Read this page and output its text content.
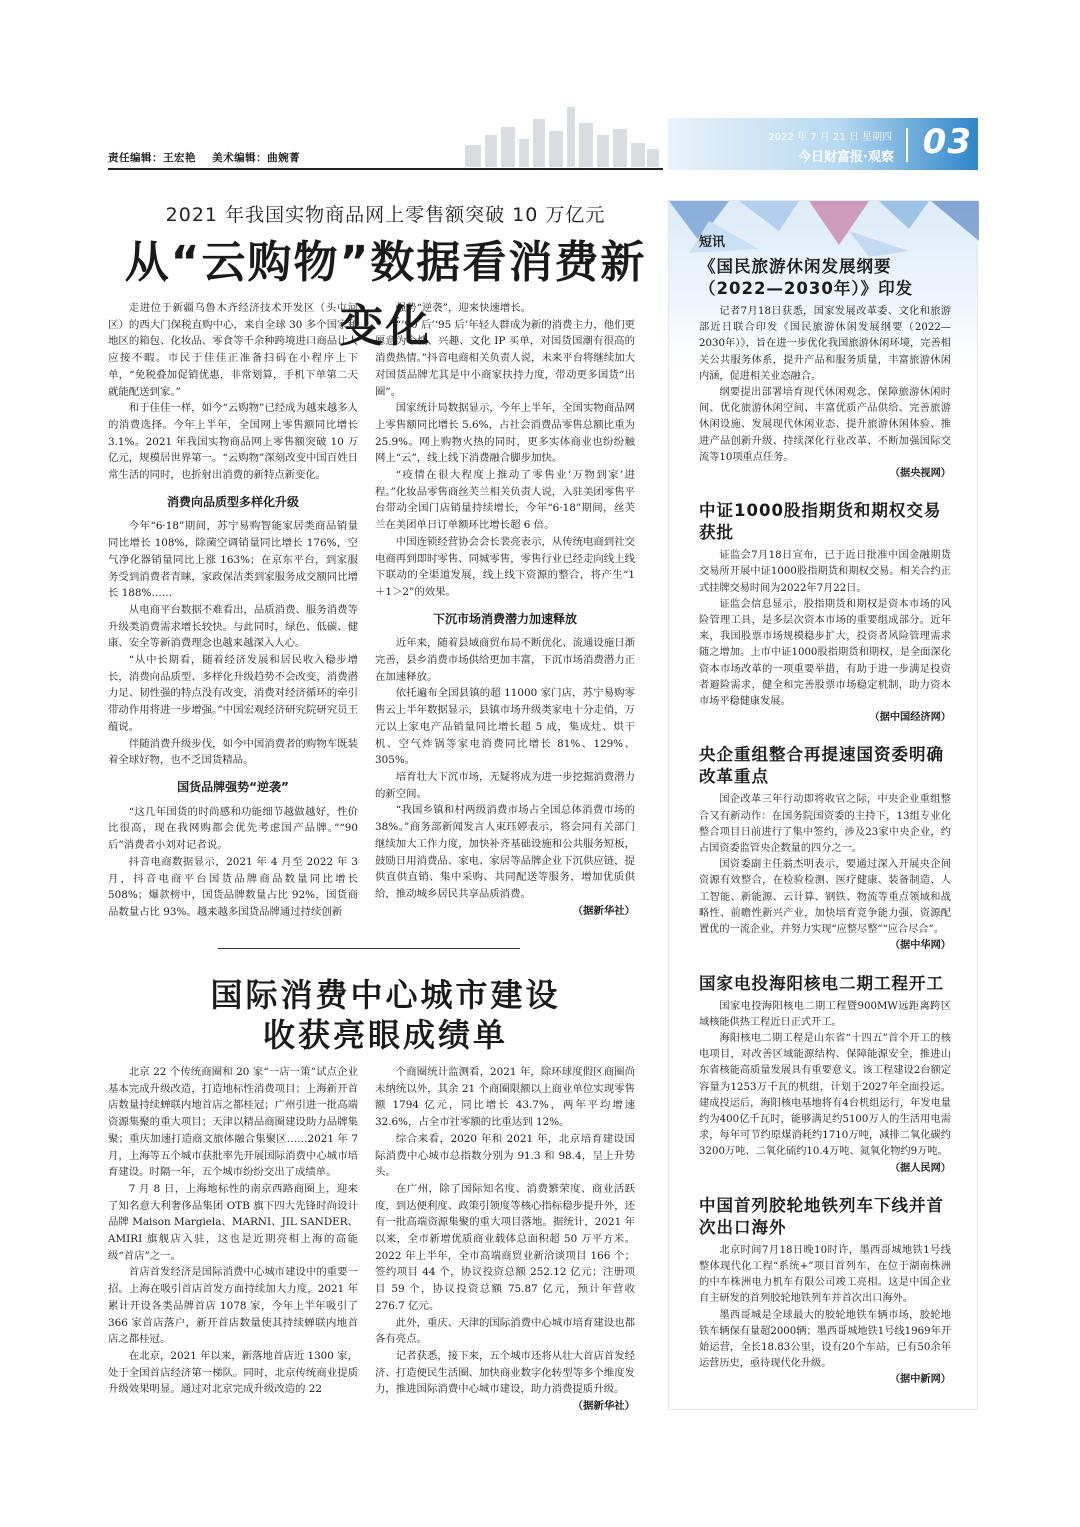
责任编辑：王宏艳 美术编辑：曲婉菁
2022 年 7 月 21 日 星期四
今日财富报·观察 03
2021 年我国实物商品网上零售额突破 10 万亿元
从“云购物”数据看消费新变化

走进位于新疆乌鲁木齐经济技术开发区（头屯河区）的西大门保税直购中心，来自全球 30 多个国家和地区的箱包、化妆品、零食等千余种跨境进口商品让人应接不暇。市民于佳佳正准备扫码在小程序上下单，“免税叠加促销优惠，非常划算，手机下单第二天就能配送到家。”

和于佳佳一样，如今“云购物”已经成为越来越多人的消费选择。今年上半年，全国网上零售额同比增长 3.1%。2021 年我国实物商品网上零售额突破 10 万亿元，规模居世界第一。“云购物”深刻改变中国百姓日常生活的同时，也折射出消费的新特点新变化。

消费向品质型多样化升级

今年“6·18”期间，苏宁易购智能家居类商品销量同比增长 108%，除菌空调销量同比增长 176%，空气净化器销量同比上涨 163%；在京东平台，到家服务受到消费者青睐，家政保洁类到家服务成交额同比增长 188%……

从电商平台数据不难看出，品质消费、服务消费等升级类消费需求增长较快。与此同时，绿色、低碳、健康、安全等新消费理念也越来越深入人心。

“从中长期看，随着经济发展和居民收入稳步增长，消费向品质型、多样化升级趋势不会改变，消费潜力足、韧性强的特点没有改变，消费对经济循环的牵引带动作用将进一步增强。”中国宏观经济研究院研究员王蕴说。

伴随消费升级步伐，如今中国消费者的购物车既装着全球好物，也不乏国货精品。

国货品牌强势“逆袭”

“这几年国货的时尚感和功能细节越做越好，性价比很高，现在我网购都会优先考虑国产品牌。”“90 后”消费者小刘对记者说。

抖音电商数据显示，2021 年 4 月至 2022 年 3 月，抖音电商平台国货品牌商品数量同比增长 508%；爆款榜中，国货品牌数量占比 92%，国货商品数量占比 93%。越来越多国货品牌通过持续创新

强势“逆袭”，迎来快速增长。

“‘90 后’‘95 后’年轻人群成为新的消费主力，他们更愿意为个性、兴趣、文化 IP 买单，对国货国潮有很高的消费热情。”抖音电商相关负责人说，未来平台将继续加大对国货品牌尤其是中小商家扶持力度，带动更多国货“出圈”。

国家统计局数据显示，今年上半年，全国实物商品网上零售额同比增长 5.6%，占社会消费品零售总额比重为 25.9%。网上购物火热的同时，更多实体商业也纷纷触网上“云”，线上线下消费融合脚步加快。

“疫情在很大程度上推动了零售业‘万物到家’进程。”化妆品零售商丝芙兰相关负责人说，入驻美团零售平台带动全国门店销量持续增长，今年“6·18”期间，丝芙兰在美团单日订单额环比增长超 6 倍。

中国连锁经营协会会长裴亮表示，从传统电商到社交电商再到即时零售、同城零售，零售行业已经走向线上线下联动的全渠道发展，线上线下资源的整合，将产生“1＋1＞2”的效果。

下沉市场消费潜力加速释放

近年来，随着县域商贸布局不断优化、流通设施日渐完善，县乡消费市场供给更加丰富，下沉市场消费潜力正在加速释放。

依托遍布全国县镇的超 11000 家门店，苏宁易购零售云上半年数据显示，县镇市场升级类家电十分走俏，万元以上家电产品销量同比增长超 5 成，集成灶、烘干机、空气炸锅等家电消费同比增长 81%、129%、305%。

培育壮大下沉市场，无疑将成为进一步挖掘消费潜力的新空间。

“我国乡镇和村两级消费市场占全国总体消费市场的 38%。”商务部新闻发言人束珏婷表示，将会同有关部门继续加大工作力度，加快补齐基础设施和公共服务短板，鼓励日用消费品、家电、家居等品牌企业下沉供应链，提供直供直销、集中采购、共同配送等服务，增加优质供给，推动城乡居民共享品质消费。

（据新华社）
国际消费中心城市建设
收获亮眼成绩单

北京 22 个传统商圈和 20 家“一店一策”试点企业基本完成升级改造，打造地标性消费项目；上海新开首店数量持续蝉联内地首店之都桂冠；广州引进一批高端资源集聚的重大项目；天津以精品商圈建设助力品牌集聚；重庆加速打造商文旅体融合集聚区……2021 年 7 月，上海等五个城市获批率先开展国际消费中心城市培育建设。时隔一年，五个城市纷纷交出了成绩单。

7 月 8 日，上海地标性的南京西路商圈上，迎来了知名意大利奢侈品集团 OTB 旗下四大先锋时尚设计品牌 Maison Margiela、MARNI、JIL SANDER、AMIRI 旗舰店入驻，这也是近期亮相上海的高能级“首店”之一。

首店首发经济是国际消费中心城市建设中的重要一招。上海在吸引首店首发方面持续加大力度，2021 年累计开设各类品牌首店 1078 家，今年上半年吸引了 366 家首店落户，新开首店数量使其持续蝉联内地首店之都桂冠。

在北京，2021 年以来，新落地首店近 1300 家，处于全国首店经济第一梯队。同时，北京传统商业提质升级效果明显。通过对北京完成升级改造的 22

个商圈统计监测看，2021 年，除环球度假区商圈尚未纳统以外，其余 21 个商圈限额以上商业单位实现零售额 1794 亿元，同比增长 43.7%，两年平均增速 32.6%，占全市社零额的比重达到 12%。

综合来看，2020 年和 2021 年，北京培育建设国际消费中心城市总指数分别为 91.3 和 98.4，呈上升势头。

在广州，除了国际知名度、消费繁荣度、商业活跃度，到达便利度、政策引领度等核心指标稳步提升外，还有一批高端资源集聚的重大项目落地。据统计，2021 年以来，全市新增优质商业载体总面积超 50 万平方米。2022 年上半年，全市高端商贸业新洽谈项目 166 个；签约项目 44 个，协议投资总额 252.12 亿元；注册项目 59 个，协议投资总额 75.87 亿元，预计年营收 276.7 亿元。

此外，重庆、天津的国际消费中心城市培育建设也都各有亮点。

记者获悉，接下来，五个城市还将从壮大首店首发经济、打造便民生活圈、加快商业数字化转型等多个维度发力，推进国际消费中心城市建设，助力消费提质升级。

（据新华社）
短讯
《国民旅游休闲发展纲要（2022—2030年）》印发

记者7月18日获悉，国家发展改革委、文化和旅游部近日联合印发《国民旅游休闲发展纲要（2022—2030年）》，旨在进一步优化我国旅游休闲环境，完善相关公共服务体系，提升产品和服务质量，丰富旅游休闲内涵，促进相关业态融合。

纲要提出部署培育现代休闲观念、保障旅游休闲时间、优化旅游休闲空间、丰富优质产品供给、完善旅游休闲设施、发展现代休闲业态、提升旅游休闲体验、推进产品创新升级、持续深化行业改革、不断加强国际交流等10项重点任务。

（据央视网）
中证1000股指期货和期权交易获批

证监会7月18日宣布，已于近日批准中国金融期货交易所开展中证1000股指期货和期权交易。相关合约正式挂牌交易时间为2022年7月22日。

证监会信息显示，股指期货和期权是资本市场的风险管理工具，是多层次资本市场的重要组成部分。近年来，我国股票市场规模稳步扩大，投资者风险管理需求随之增加。上市中证1000股指期货和期权，是全面深化资本市场改革的一项重要举措，有助于进一步满足投资者避险需求，健全和完善股票市场稳定机制，助力资本市场平稳健康发展。

（据中国经济网）
央企重组整合再提速国资委明确改革重点

国企改革三年行动即将收官之际，中央企业重组整合又有新动作：在国务院国资委的主持下，13组专业化整合项目日前进行了集中签约，涉及23家中央企业，约占国资委监管央企数量的四分之一。

国资委副主任翁杰明表示，要通过深入开展央企间资源有效整合，在检验检测、医疗健康、装备制造、人工智能、新能源、云计算、钢铁、物流等重点领域和战略性、前瞻性新兴产业，加快培育竞争能力强、资源配置优的一流企业，并努力实现“应整尽整”“应合尽合”。

（据中华网）
国家电投海阳核电二期工程开工

国家电投海阳核电二期工程暨900MW远距离跨区域核能供热工程近日正式开工。

海阳核电二期工程是山东省“十四五”首个开工的核电项目，对改善区域能源结构、保障能源安全，推进山东省核能高质量发展具有重要意义。该工程建设2台额定容量为1253万千瓦的机组，计划于2027年全面投运。建成投运后，海阳核电基地将有4台机组运行，年发电量约为400亿千瓦时，能够满足约5100万人的生活用电需求，每年可节约原煤消耗约1710万吨，减排二氧化碳约3200万吨、二氧化硫约10.4万吨、氮氧化物约9万吨。

（据人民网）
中国首列胶轮地铁列车下线并首次出口海外

北京时间7月18日晚10时许，墨西哥城地铁1号线整体现代化工程“系统+”项目首列车，在位于湖南株洲的中车株洲电力机车有限公司竣工亮相。这是中国企业自主研发的首列胶轮地铁列车并首次出口海外。

墨西哥城是全球最大的胶轮地铁车辆市场，胶轮地铁车辆保有量超2000辆；墨西哥城地铁1号线1969年开始运营，全长18.83公里，设有20个车站，已有50余年运营历史，亟待现代化升级。

（据中新网）
